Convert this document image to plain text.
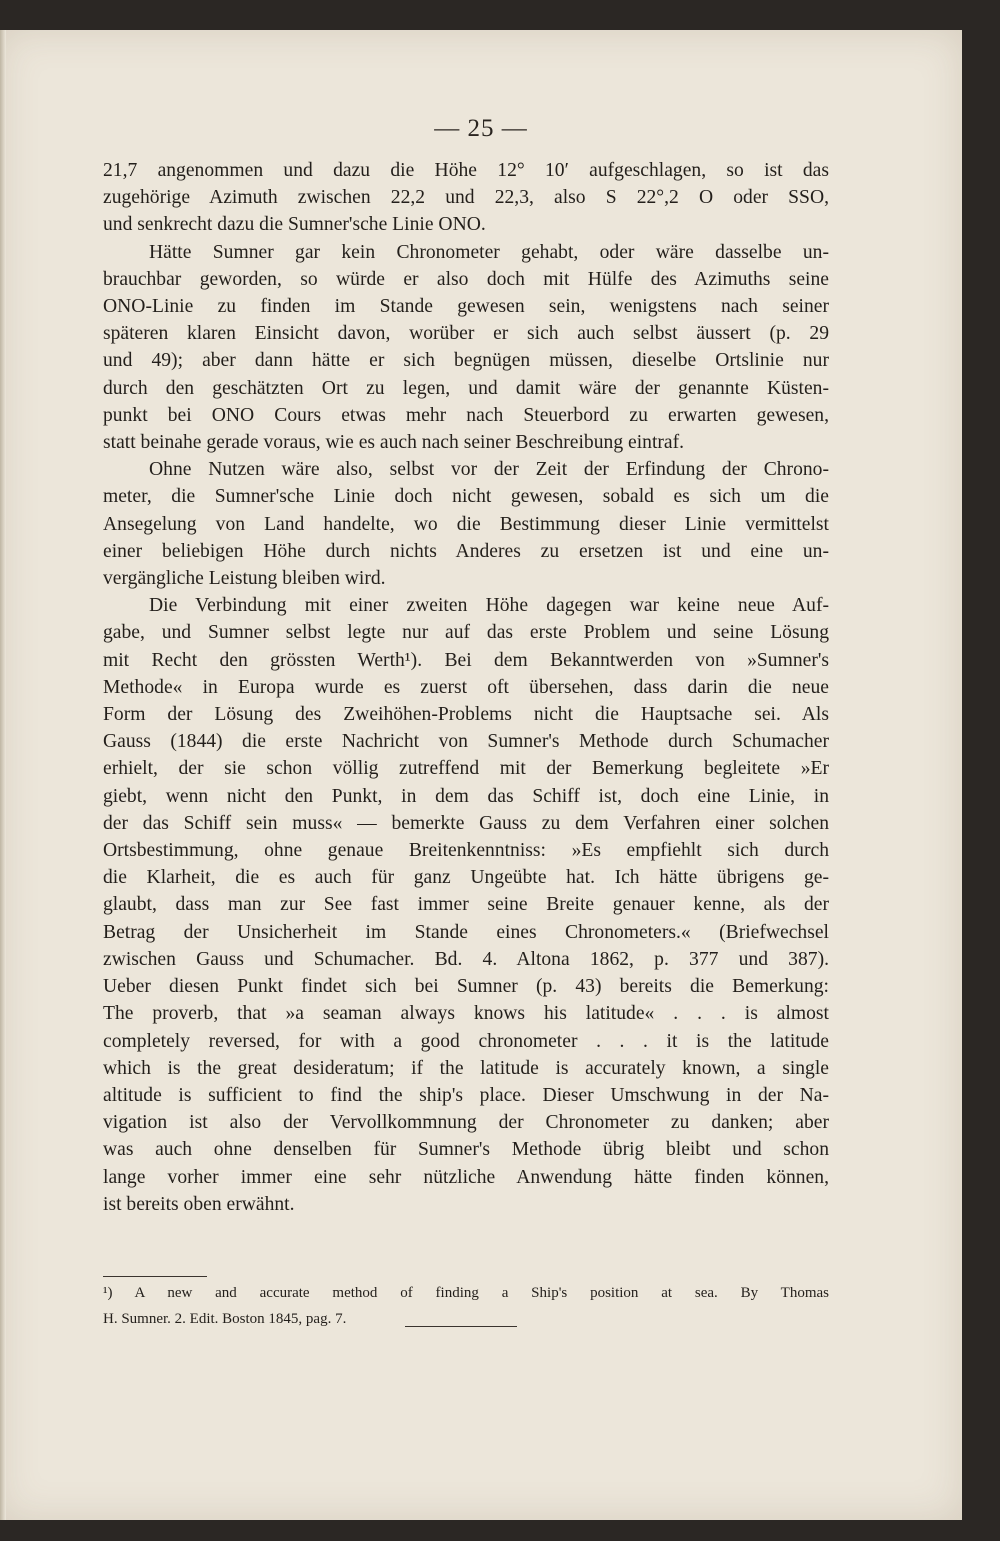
— 25 —
21,7 angenommen und dazu die Höhe 12° 10′ aufgeschlagen, so ist das
zugehörige Azimuth zwischen 22,2 und 22,3, also S 22°,2 O oder SSO,
und senkrecht dazu die Sumner'sche Linie ONO.
Hätte Sumner gar kein Chronometer gehabt, oder wäre dasselbe un-
brauchbar geworden, so würde er also doch mit Hülfe des Azimuths seine
ONO-Linie zu finden im Stande gewesen sein, wenigstens nach seiner
späteren klaren Einsicht davon, worüber er sich auch selbst äussert (p. 29
und 49); aber dann hätte er sich begnügen müssen, dieselbe Ortslinie nur
durch den geschätzten Ort zu legen, und damit wäre der genannte Küsten-
punkt bei ONO Cours etwas mehr nach Steuerbord zu erwarten gewesen,
statt beinahe gerade voraus, wie es auch nach seiner Beschreibung eintraf.
Ohne Nutzen wäre also, selbst vor der Zeit der Erfindung der Chrono-
meter, die Sumner'sche Linie doch nicht gewesen, sobald es sich um die
Ansegelung von Land handelte, wo die Bestimmung dieser Linie vermittelst
einer beliebigen Höhe durch nichts Anderes zu ersetzen ist und eine un-
vergängliche Leistung bleiben wird.
Die Verbindung mit einer zweiten Höhe dagegen war keine neue Auf-
gabe, und Sumner selbst legte nur auf das erste Problem und seine Lösung
mit Recht den grössten Werth¹). Bei dem Bekanntwerden von »Sumner's
Methode« in Europa wurde es zuerst oft übersehen, dass darin die neue
Form der Lösung des Zweihöhen-Problems nicht die Hauptsache sei. Als
Gauss (1844) die erste Nachricht von Sumner's Methode durch Schumacher
erhielt, der sie schon völlig zutreffend mit der Bemerkung begleitete »Er
giebt, wenn nicht den Punkt, in dem das Schiff ist, doch eine Linie, in
der das Schiff sein muss« — bemerkte Gauss zu dem Verfahren einer solchen
Ortsbestimmung, ohne genaue Breitenkenntniss: »Es empfiehlt sich durch
die Klarheit, die es auch für ganz Ungeübte hat. Ich hätte übrigens ge-
glaubt, dass man zur See fast immer seine Breite genauer kenne, als der
Betrag der Unsicherheit im Stande eines Chronometers.« (Briefwechsel
zwischen Gauss und Schumacher. Bd. 4. Altona 1862, p. 377 und 387).
Ueber diesen Punkt findet sich bei Sumner (p. 43) bereits die Bemerkung:
The proverb, that »a seaman always knows his latitude« . . . is almost
completely reversed, for with a good chronometer . . . it is the latitude
which is the great desideratum; if the latitude is accurately known, a single
altitude is sufficient to find the ship's place. Dieser Umschwung in der Na-
vigation ist also der Vervollkommnung der Chronometer zu danken; aber
was auch ohne denselben für Sumner's Methode übrig bleibt und schon
lange vorher immer eine sehr nützliche Anwendung hätte finden können,
ist bereits oben erwähnt.
¹) A new and accurate method of finding a Ship's position at sea. By Thomas
H. Sumner. 2. Edit. Boston 1845, pag. 7.
